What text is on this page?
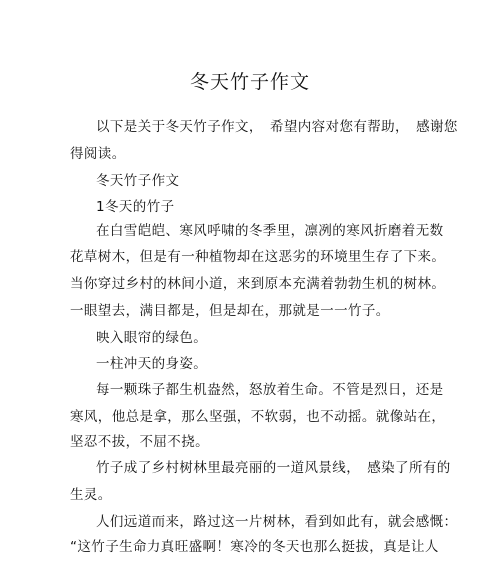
冬天竹子作文
以下是关于冬天竹子作文，　希望内容对您有帮助，　感谢您
得阅读。
冬天竹子作文
1冬天的竹子
在白雪皑皑、寒风呼啸的冬季里，凛冽的寒风折磨着无数
花草树木，但是有一种植物却在这恶劣的环境里生存了下来。
当你穿过乡村的林间小道，来到原本充满着勃勃生机的树林。
一眼望去，满目都是，但是却在，那就是一一竹子。
映入眼帘的绿色。
一柱冲天的身姿。
每一颗珠子都生机盎然，怒放着生命。不管是烈日，还是
寒风，他总是拿，那么坚强，不软弱，也不动摇。就像站在，
坚忍不拔，不屈不挠。
竹子成了乡村树林里最亮丽的一道风景线，　感染了所有的
生灵。
人们远道而来，路过这一片树林，看到如此有，就会感慨：
“这竹子生命力真旺盛啊！寒冷的冬天也那么挺拔，真是让人
